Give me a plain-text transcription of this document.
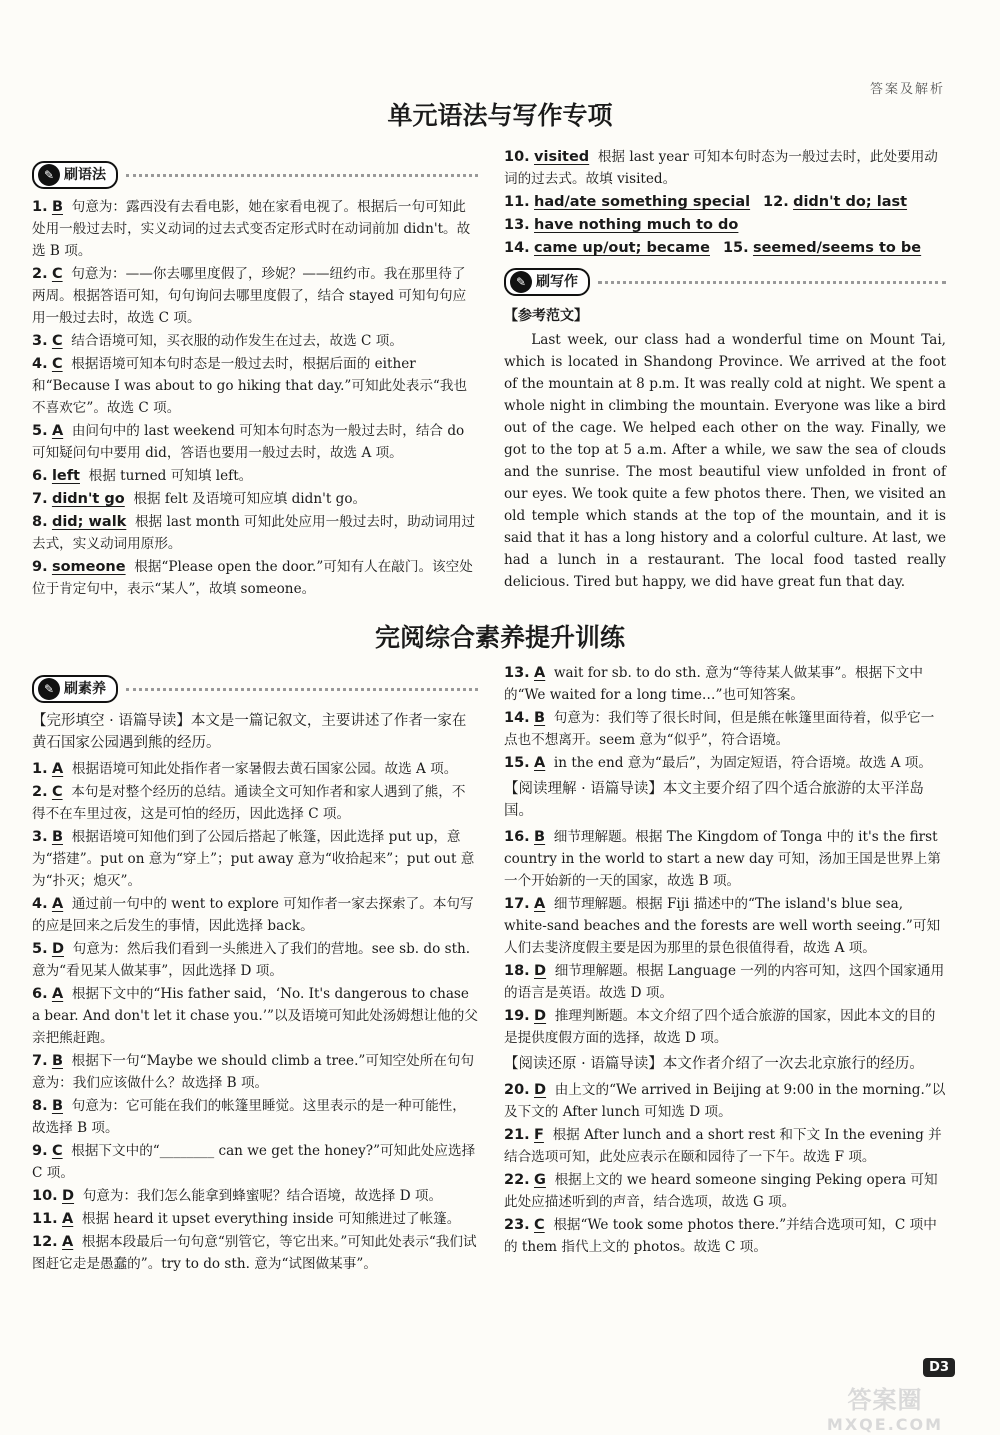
答案及解析
单元语法与写作专项
✎ 刷语法
1. B 句意为：露西没有去看电影，她在家看电视了。根据后一句可知此处用一般过去时，实义动词的过去式变否定形式时在动词前加 didn't。故选 B 项。
2. C 句意为：——你去哪里度假了，珍妮？——纽约市。我在那里待了两周。根据答语可知，句句询问去哪里度假了，结合 stayed 可知句句应用一般过去时，故选 C 项。
3. C 结合语境可知，买衣服的动作发生在过去，故选 C 项。
4. C 根据语境可知本句时态是一般过去时，根据后面的 either 和“Because I was about to go hiking that day.”可知此处表示“我也不喜欢它”。故选 C 项。
5. A 由问句中的 last weekend 可知本句时态为一般过去时，结合 do 可知疑问句中要用 did，答语也要用一般过去时，故选 A 项。
6. left 根据 turned 可知填 left。
7. didn't go 根据 felt 及语境可知应填 didn't go。
8. did; walk 根据 last month 可知此处应用一般过去时，助动词用过去式，实义动词用原形。
9. someone 根据“Please open the door.”可知有人在敲门。该空处位于肯定句中，表示“某人”，故填 someone。
10. visited 根据 last year 可知本句时态为一般过去时，此处要用动词的过去式。故填 visited。
11. had/ate something special 12. didn't do; last
13. have nothing much to do
14. came up/out; became 15. seemed/seems to be
✎ 刷写作
【参考范文】
Last week, our class had a wonderful time on Mount Tai, which is located in Shandong Province. We arrived at the foot of the mountain at 8 p.m. It was really cold at night. We spent a whole night in climbing the mountain. Everyone was like a bird out of the cage. We helped each other on the way. Finally, we got to the top at 5 a.m. After a while, we saw the sea of clouds and the sunrise. The most beautiful view unfolded in front of our eyes. We took quite a few photos there. Then, we visited an old temple which stands at the top of the mountain, and it is said that it has a long history and a colorful culture. At last, we had a lunch in a restaurant. The local food tasted really delicious. Tired but happy, we did have great fun that day.
完阅综合素养提升训练
✎ 刷素养
【完形填空 · 语篇导读】本文是一篇记叙文，主要讲述了作者一家在黄石国家公园遇到熊的经历。
1. A 根据语境可知此处指作者一家暑假去黄石国家公园。故选 A 项。
2. C 本句是对整个经历的总结。通读全文可知作者和家人遇到了熊，不得不在车里过夜，这是可怕的经历，因此选择 C 项。
3. B 根据语境可知他们到了公园后搭起了帐篷，因此选择 put up，意为“搭建”。put on 意为“穿上”；put away 意为“收拾起来”；put out 意为“扑灭；熄灭”。
4. A 通过前一句中的 went to explore 可知作者一家去探索了。本句写的应是回来之后发生的事情，因此选择 back。
5. D 句意为：然后我们看到一头熊进入了我们的营地。see sb. do sth. 意为“看见某人做某事”，因此选择 D 项。
6. A 根据下文中的“His father said，‘No. It's dangerous to chase a bear. And don't let it chase you.’”以及语境可知此处汤姆想让他的父亲把熊赶跑。
7. B 根据下一句“Maybe we should climb a tree.”可知空处所在句句意为：我们应该做什么？故选择 B 项。
8. B 句意为：它可能在我们的帐篷里睡觉。这里表示的是一种可能性，故选择 B 项。
9. C 根据下文中的“________ can we get the honey?”可知此处应选择 C 项。
10. D 句意为：我们怎么能拿到蜂蜜呢？结合语境，故选择 D 项。
11. A 根据 heard it upset everything inside 可知熊进过了帐篷。
12. A 根据本段最后一句句意“别管它，等它出来。”可知此处表示“我们试图赶它走是愚蠢的”。try to do sth. 意为“试图做某事”。
13. A wait for sb. to do sth. 意为“等待某人做某事”。根据下文中的“We waited for a long time…”也可知答案。
14. B 句意为：我们等了很长时间，但是熊在帐篷里面待着，似乎它一点也不想离开。seem 意为“似乎”，符合语境。
15. A in the end 意为“最后”，为固定短语，符合语境。故选 A 项。
【阅读理解 · 语篇导读】本文主要介绍了四个适合旅游的太平洋岛国。
16. B 细节理解题。根据 The Kingdom of Tonga 中的 it's the first country in the world to start a new day 可知，汤加王国是世界上第一个开始新的一天的国家，故选 B 项。
17. A 细节理解题。根据 Fiji 描述中的“The island's blue sea, white-sand beaches and the forests are well worth seeing.”可知人们去斐济度假主要是因为那里的景色很值得看，故选 A 项。
18. D 细节理解题。根据 Language 一列的内容可知，这四个国家通用的语言是英语。故选 D 项。
19. D 推理判断题。本文介绍了四个适合旅游的国家，因此本文的目的是提供度假方面的选择，故选 D 项。
【阅读还原 · 语篇导读】本文作者介绍了一次去北京旅行的经历。
20. D 由上文的“We arrived in Beijing at 9:00 in the morning.”以及下文的 After lunch 可知选 D 项。
21. F 根据 After lunch and a short rest 和下文 In the evening 并结合选项可知，此处应表示在颐和园待了一下午。故选 F 项。
22. G 根据上文的 we heard someone singing Peking opera 可知此处应描述听到的声音，结合选项，故选 G 项。
23. C 根据“We took some photos there.”并结合选项可知，C 项中的 them 指代上文的 photos。故选 C 项。
D3
答案圈
MXQE.COM
